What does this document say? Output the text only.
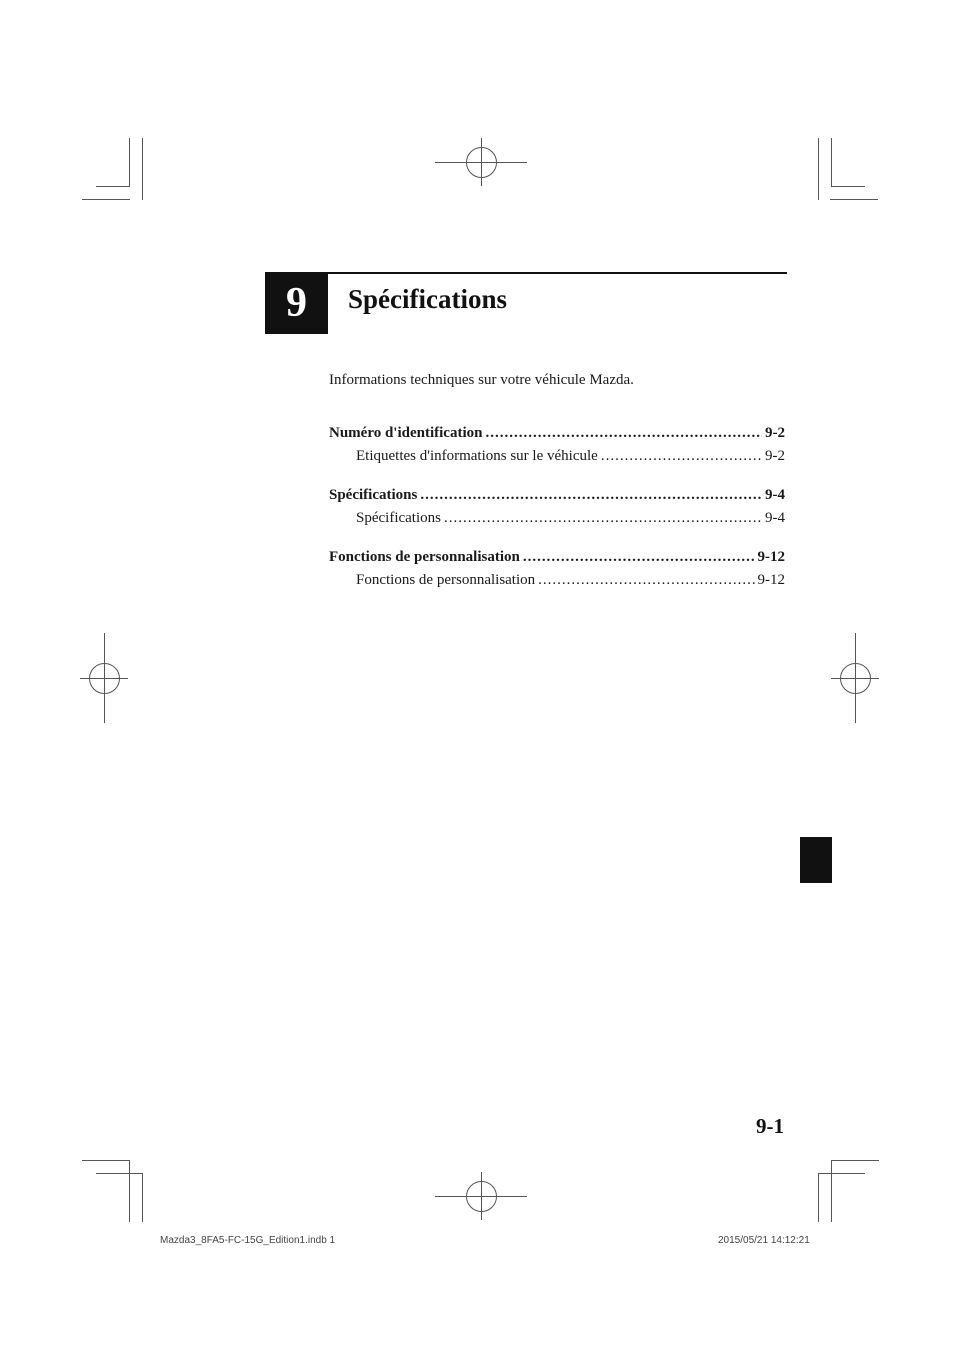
9	Spécifications
Informations techniques sur votre véhicule Mazda.
Numéro d'identification .....	9-2
Etiquettes d'informations sur le véhicule .....	9-2
Spécifications .....	9-4
Spécifications .....	9-4
Fonctions de personnalisation .....	9-12
Fonctions de personnalisation .....	9-12
9-1
Mazda3_8FA5-FC-15G_Edition1.indb 1	2015/05/21 14:12:21
